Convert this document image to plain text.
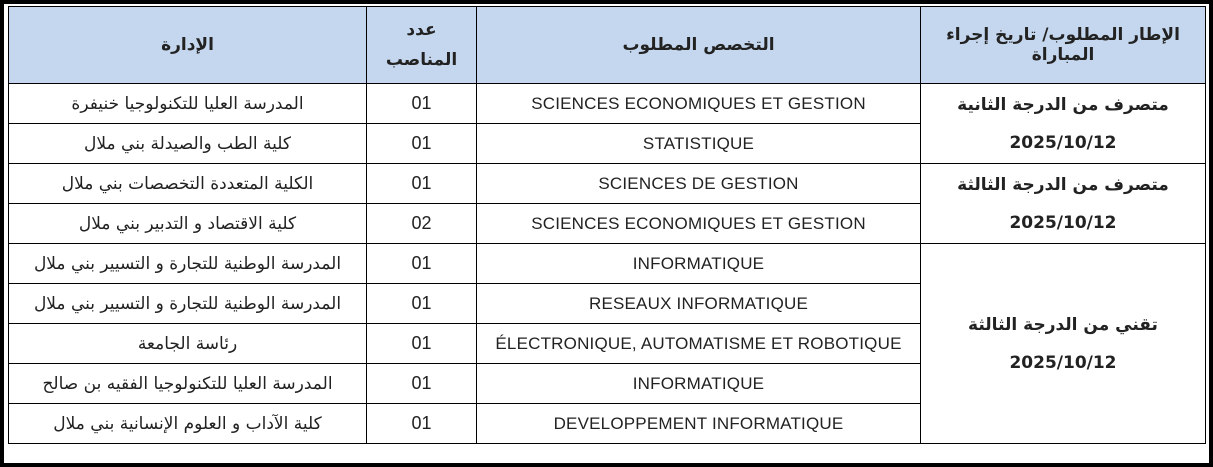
الإطار المطلوب/ تاريخ إجراء المباراة	التخصص المطلوب	عدد
المناصب	الإدارة
متصرف من الدرجة الثانية
2025/10/12	SCIENCES ECONOMIQUES ET GESTION	01	المدرسة العليا للتكنولوجيا خنيفرة
	STATISTIQUE	01	كلية الطب والصيدلة بني ملال
متصرف من الدرجة الثالثة
2025/10/12	SCIENCES DE GESTION	01	الكلية المتعددة التخصصات بني ملال
	SCIENCES ECONOMIQUES ET GESTION	02	كلية الاقتصاد و التدبير بني ملال
تقني من الدرجة الثالثة
2025/10/12	INFORMATIQUE	01	المدرسة الوطنية للتجارة و التسيير بني ملال
	RESEAUX INFORMATIQUE	01	المدرسة الوطنية للتجارة و التسيير بني ملال
	ÉLECTRONIQUE, AUTOMATISME ET ROBOTIQUE	01	رئاسة الجامعة
	INFORMATIQUE	01	المدرسة العليا للتكنولوجيا الفقيه بن صالح
	DEVELOPPEMENT INFORMATIQUE	01	كلية الآداب و العلوم الإنسانية بني ملال
